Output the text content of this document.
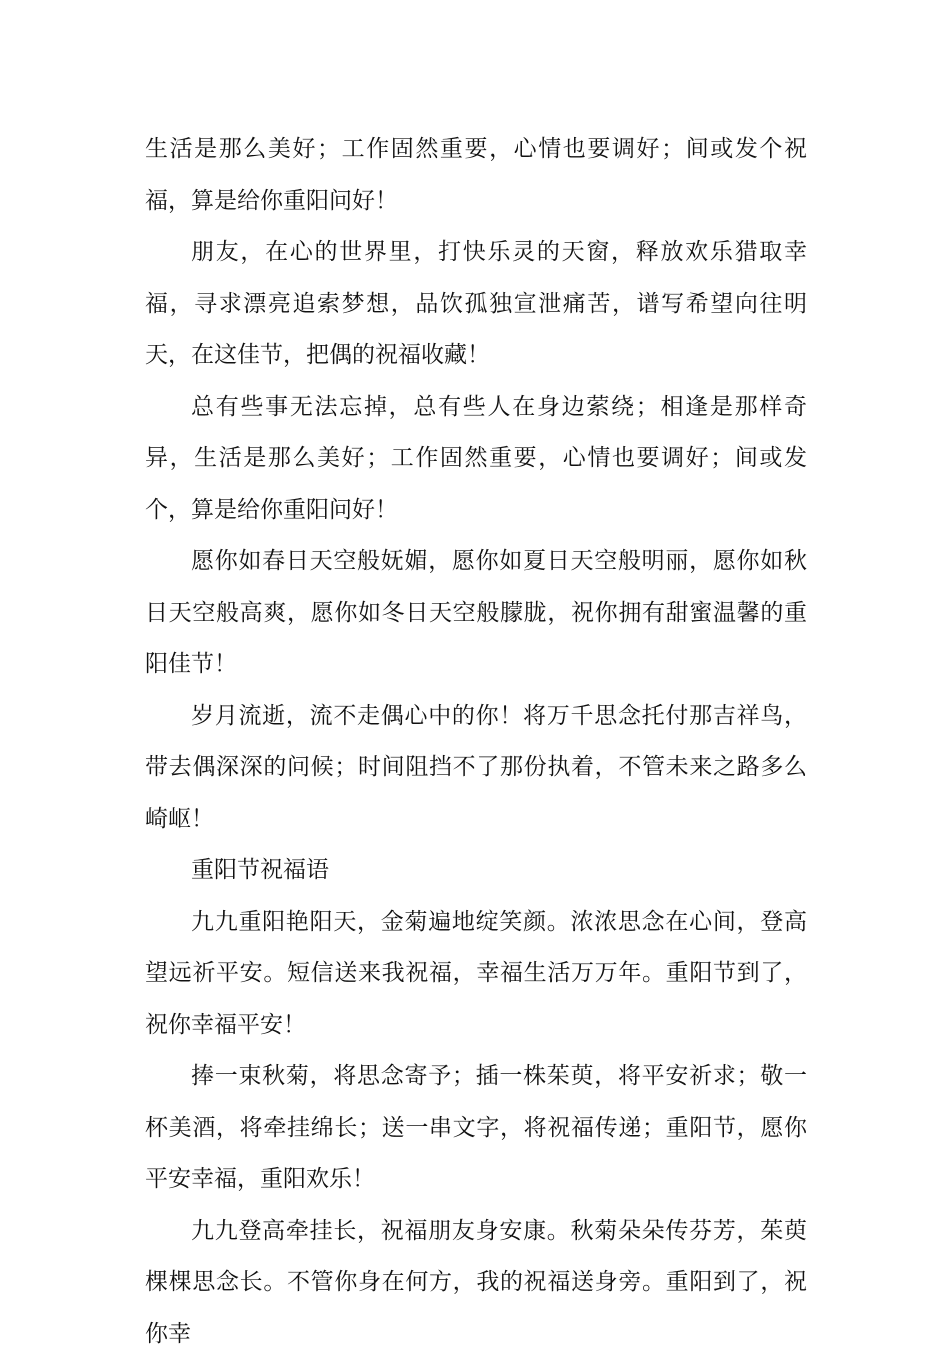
生活是那么美好；工作固然重要，心情也要调好；间或发个祝福，算是给你重阳问好！

朋友，在心的世界里，打快乐灵的天窗，释放欢乐猎取幸福，寻求漂亮追索梦想，品饮孤独宣泄痛苦，谱写希望向往明天，在这佳节，把偶的祝福收藏！

总有些事无法忘掉，总有些人在身边萦绕；相逢是那样奇异，生活是那么美好；工作固然重要，心情也要调好；间或发个，算是给你重阳问好！

愿你如春日天空般妩媚，愿你如夏日天空般明丽，愿你如秋日天空般高爽，愿你如冬日天空般朦胧，祝你拥有甜蜜温馨的重阳佳节！

岁月流逝，流不走偶心中的你！将万千思念托付那吉祥鸟，带去偶深深的问候；时间阻挡不了那份执着，不管未来之路多么崎岖！

重阳节祝福语

九九重阳艳阳天，金菊遍地绽笑颜。浓浓思念在心间，登高望远祈平安。短信送来我祝福，幸福生活万万年。重阳节到了，祝你幸福平安！

捧一束秋菊，将思念寄予；插一株茱萸，将平安祈求；敬一杯美酒，将牵挂绵长；送一串文字，将祝福传递；重阳节，愿你平安幸福，重阳欢乐！

九九登高牵挂长，祝福朋友身安康。秋菊朵朵传芬芳，茱萸棵棵思念长。不管你身在何方，我的祝福送身旁。重阳到了，祝你幸
